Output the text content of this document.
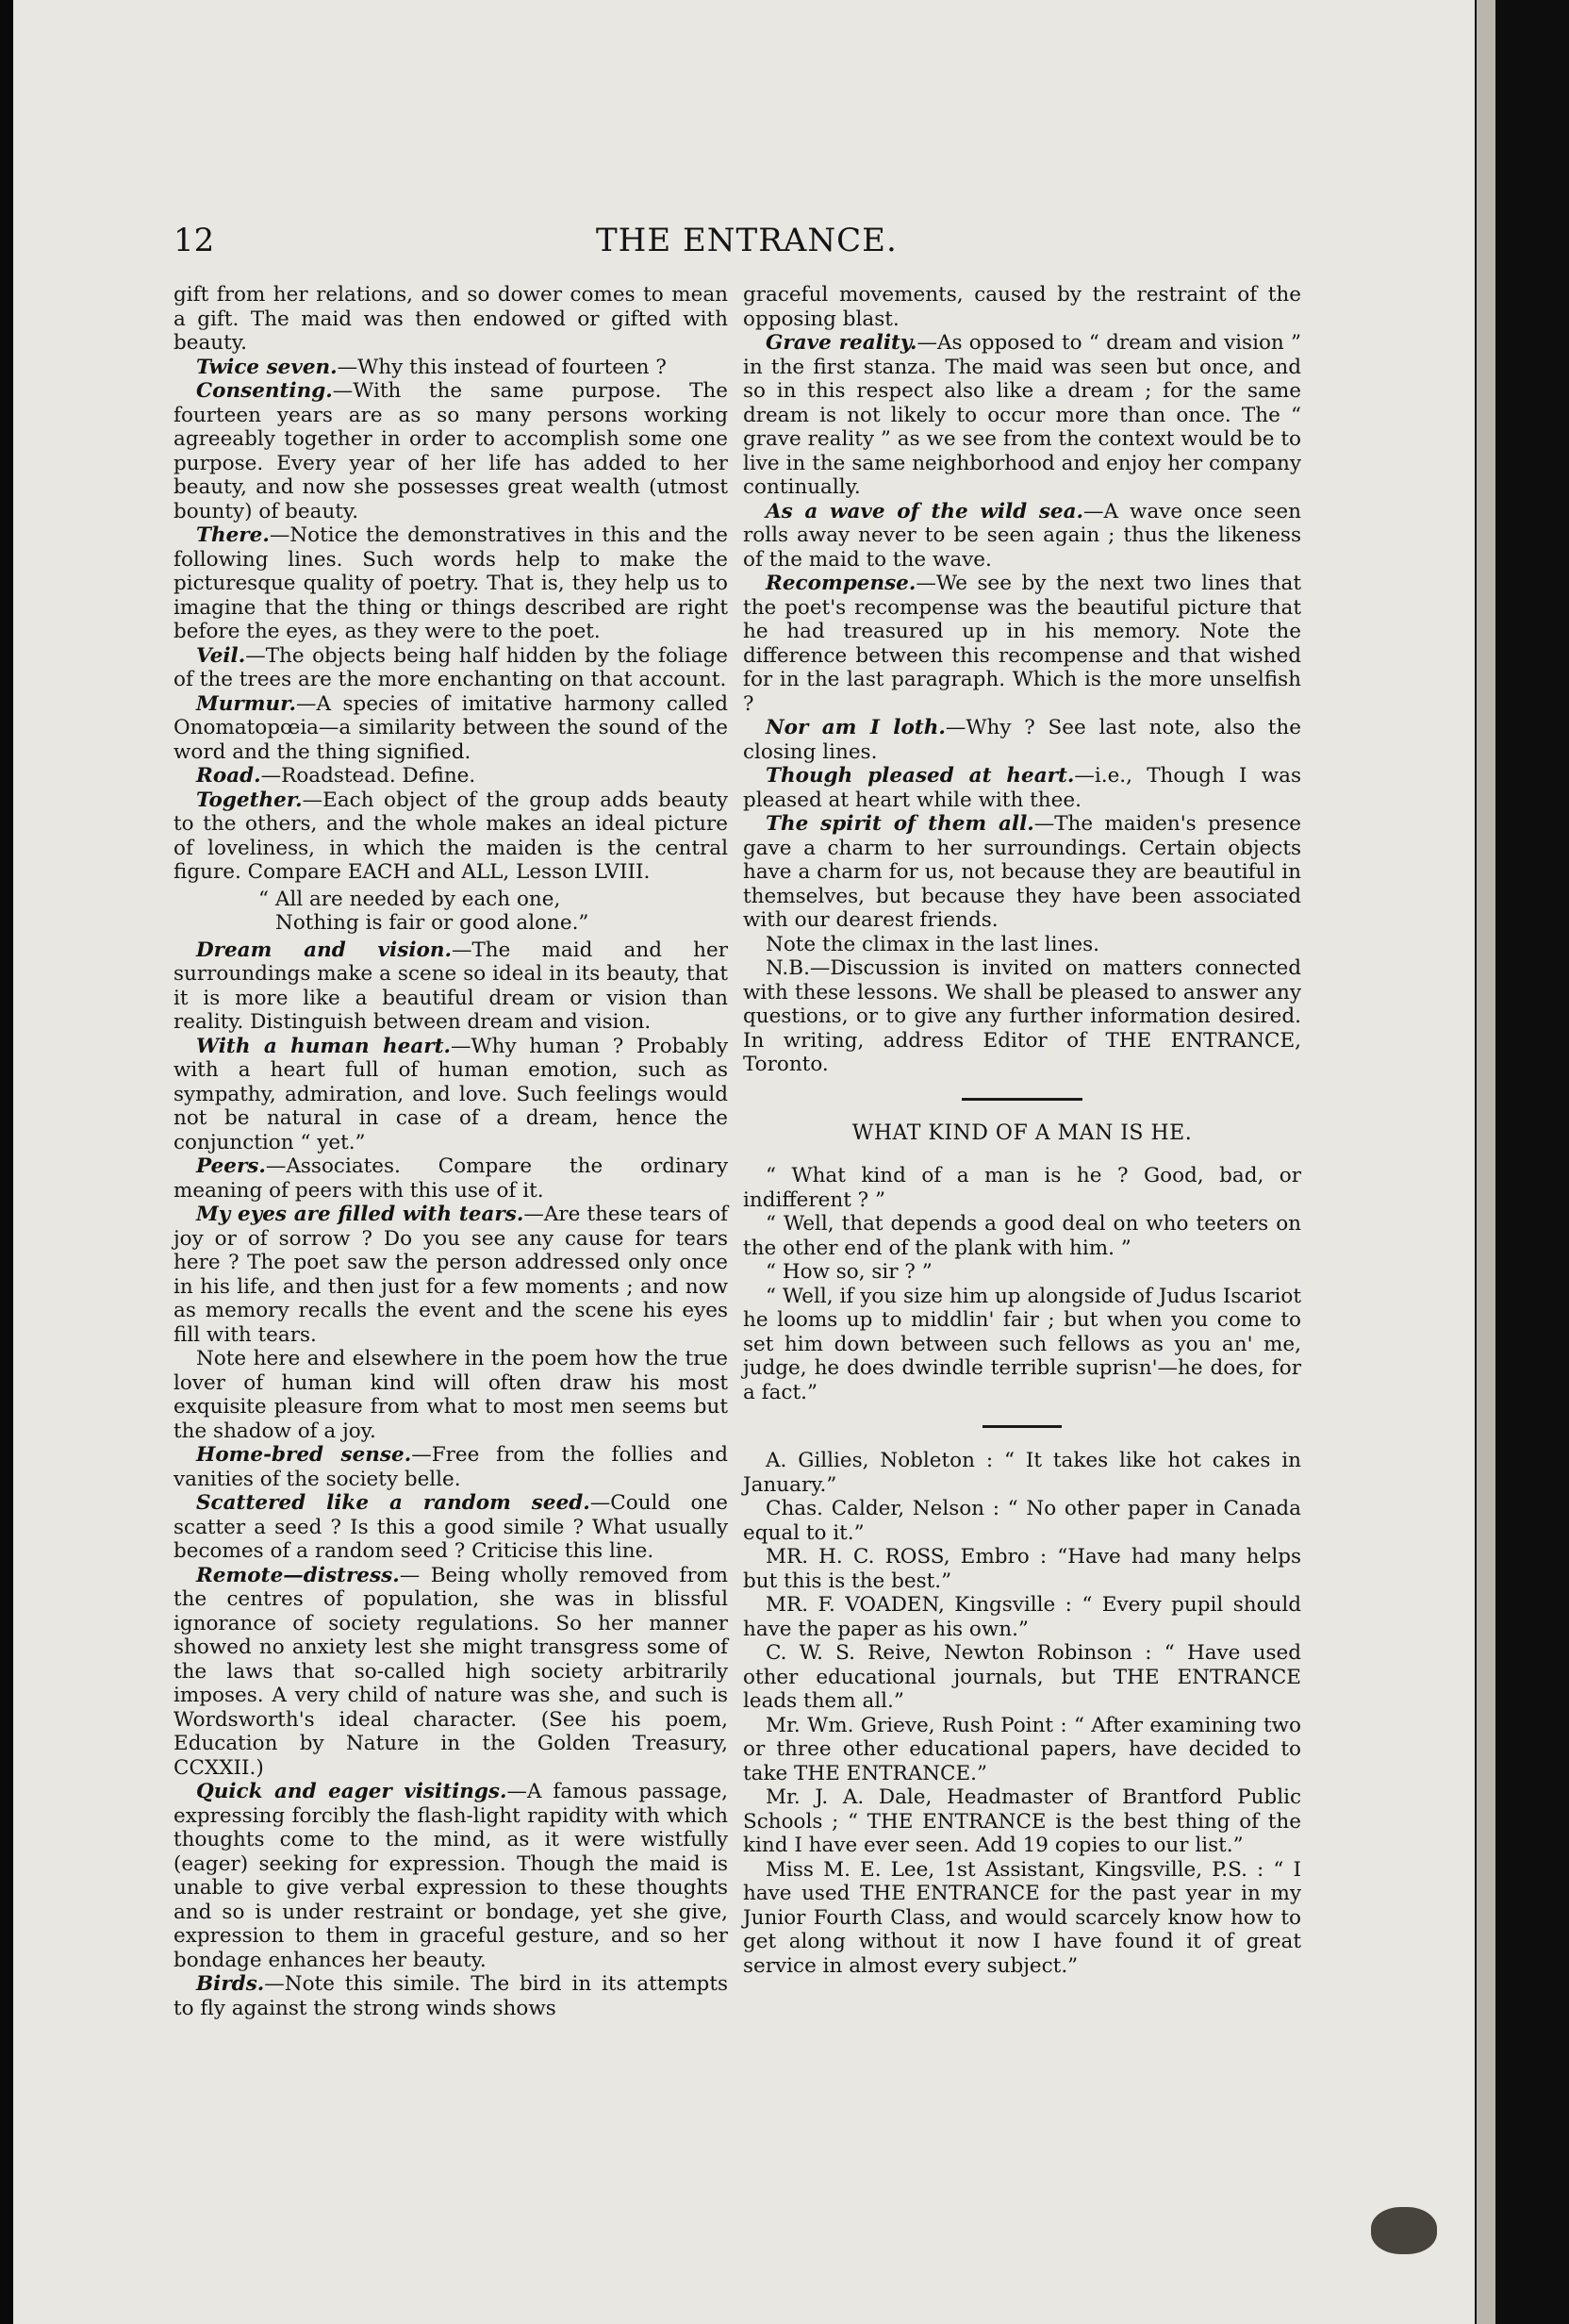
12	THE ENTRANCE.

gift from her relations, and so dower comes to mean a gift. The maid was then endowed or gifted with beauty.

Twice seven.—Why this instead of fourteen ?

Consenting.—With the same purpose. The fourteen years are as so many persons working agreeably together in order to accomplish some one purpose. Every year of her life has added to her beauty, and now she possesses great wealth (utmost bounty) of beauty.

There.—Notice the demonstratives in this and the following lines. Such words help to make the picturesque quality of poetry. That is, they help us to imagine that the thing or things described are right before the eyes, as they were to the poet.

Veil.—The objects being half hidden by the foliage of the trees are the more enchanting on that account.

Murmur.—A species of imitative harmony called Onomatopœia—a similarity between the sound of the word and the thing signified.

Road.—Roadstead. Define.

Together.—Each object of the group adds beauty to the others, and the whole makes an ideal picture of loveliness, in which the maiden is the central figure. Compare EACH and ALL, Lesson LVIII.

“ All are needed by each one,
Nothing is fair or good alone.”

Dream and vision.—The maid and her surroundings make a scene so ideal in its beauty, that it is more like a beautiful dream or vision than reality. Distinguish between dream and vision.

With a human heart.—Why human ? Probably with a heart full of human emotion, such as sympathy, admiration, and love. Such feelings would not be natural in case of a dream, hence the conjunction “ yet.”

Peers.—Associates. Compare the ordinary meaning of peers with this use of it.

My eyes are filled with tears.—Are these tears of joy or of sorrow ? Do you see any cause for tears here ? The poet saw the person addressed only once in his life, and then just for a few moments ; and now as memory recalls the event and the scene his eyes fill with tears.

Note here and elsewhere in the poem how the true lover of human kind will often draw his most exquisite pleasure from what to most men seems but the shadow of a joy.

Home-bred sense.—Free from the follies and vanities of the society belle.

Scattered like a random seed.—Could one scatter a seed ? Is this a good simile ? What usually becomes of a random seed ? Criticise this line.

Remote—distress.— Being wholly removed from the centres of population, she was in blissful ignorance of society regulations. So her manner showed no anxiety lest she might transgress some of the laws that so-called high society arbitrarily imposes. A very child of nature was she, and such is Wordsworth's ideal character. (See his poem, Education by Nature in the Golden Treasury, CCXXII.)

Quick and eager visitings.—A famous passage, expressing forcibly the flash-light rapidity with which thoughts come to the mind, as it were wistfully (eager) seeking for expression. Though the maid is unable to give verbal expression to these thoughts and so is under restraint or bondage, yet she give, expression to them in graceful gesture, and so her bondage enhances her beauty.

Birds.—Note this simile. The bird in its attempts to fly against the strong winds shows

graceful movements, caused by the restraint of the opposing blast.

Grave reality.—As opposed to “ dream and vision ” in the first stanza. The maid was seen but once, and so in this respect also like a dream ; for the same dream is not likely to occur more than once. The “ grave reality ” as we see from the context would be to live in the same neighborhood and enjoy her company continually.

As a wave of the wild sea.—A wave once seen rolls away never to be seen again ; thus the likeness of the maid to the wave.

Recompense.—We see by the next two lines that the poet's recompense was the beautiful picture that he had treasured up in his memory. Note the difference between this recompense and that wished for in the last paragraph. Which is the more unselfish ?

Nor am I loth.—Why ? See last note, also the closing lines.

Though pleased at heart.—i.e., Though I was pleased at heart while with thee.

The spirit of them all.—The maiden's presence gave a charm to her surroundings. Certain objects have a charm for us, not because they are beautiful in themselves, but because they have been associated with our dearest friends.

Note the climax in the last lines.

N.B.—Discussion is invited on matters connected with these lessons. We shall be pleased to answer any questions, or to give any further information desired. In writing, address Editor of THE ENTRANCE, Toronto.

WHAT KIND OF A MAN IS HE.

“ What kind of a man is he ? Good, bad, or indifferent ? ”

“ Well, that depends a good deal on who teeters on the other end of the plank with him. ”

“ How so, sir ? ”

“ Well, if you size him up alongside of Judus Iscariot he looms up to middlin' fair ; but when you come to set him down between such fellows as you an' me, judge, he does dwindle terrible suprisn'—he does, for a fact.”

A. Gillies, Nobleton : “ It takes like hot cakes in January.”

Chas. Calder, Nelson : “ No other paper in Canada equal to it.”

MR. H. C. ROSS, Embro : “Have had many helps but this is the best.”

MR. F. VOADEN, Kingsville : “ Every pupil should have the paper as his own.”

C. W. S. Reive, Newton Robinson : “ Have used other educational journals, but THE ENTRANCE leads them all.”

Mr. Wm. Grieve, Rush Point : “ After examining two or three other educational papers, have decided to take THE ENTRANCE.”

Mr. J. A. Dale, Headmaster of Brantford Public Schools ; “ THE ENTRANCE is the best thing of the kind I have ever seen. Add 19 copies to our list.”

Miss M. E. Lee, 1st Assistant, Kingsville, P.S. : “ I have used THE ENTRANCE for the past year in my Junior Fourth Class, and would scarcely know how to get along without it now I have found it of great service in almost every subject.”
